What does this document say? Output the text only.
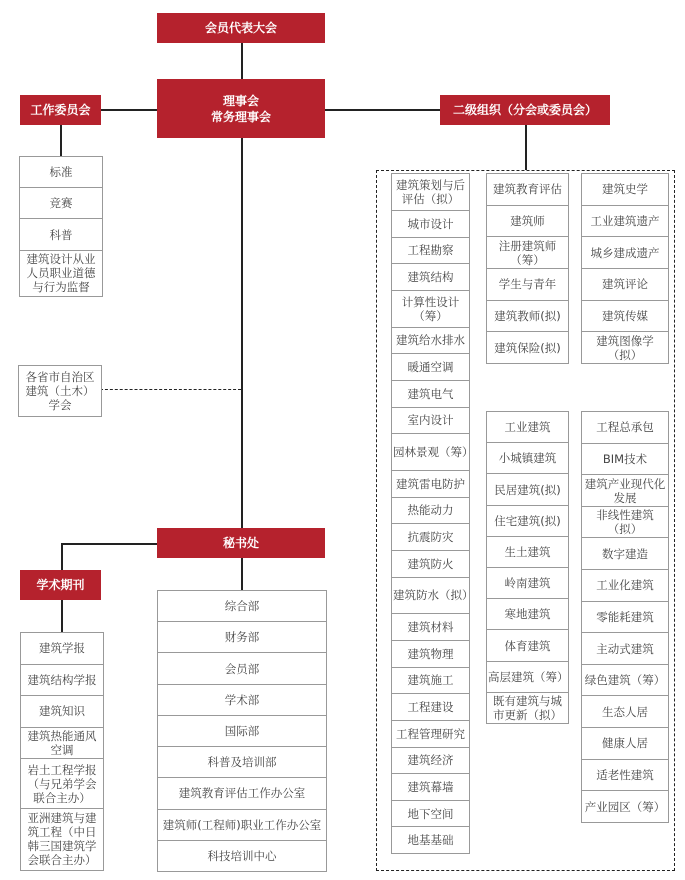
会员代表大会
理事会
常务理事会
工作委员会	二级组织（分会或委员会）
秘书处
学术期刊
标准
竞赛
科普
建筑设计从业人员职业道德与行为监督
各省市自治区建筑（土木）学会
建筑策划与后评估（拟）
城市设计
工程勘察
建筑结构
计算性设计（筹）
建筑给水排水
暖通空调
建筑电气
室内设计
园林景观（筹）
建筑雷电防护
热能动力
抗震防灾
建筑防火
建筑防水（拟）
建筑材料
建筑物理
建筑施工
工程建设
工程管理研究
建筑经济
建筑幕墙
地下空间
地基基础
建筑教育评估
建筑师
注册建筑师（筹）
学生与青年
建筑教师(拟)
建筑保险(拟)
建筑史学
工业建筑遗产
城乡建成遗产
建筑评论
建筑传媒
建筑图像学（拟）
工业建筑
小城镇建筑
民居建筑(拟)
住宅建筑(拟)
生土建筑
岭南建筑
寒地建筑
体育建筑
高层建筑（筹）
既有建筑与城市更新（拟）
工程总承包
BIM技术
建筑产业现代化发展
非线性建筑（拟）
数字建造
工业化建筑
零能耗建筑
主动式建筑
绿色建筑（筹）
生态人居
健康人居
适老性建筑
产业园区（筹）
综合部
财务部
会员部
学术部
国际部
科普及培训部
建筑教育评估工作办公室
建筑师(工程师)职业工作办公室
科技培训中心
建筑学报
建筑结构学报
建筑知识
建筑热能通风空调
岩土工程学报（与兄弟学会联合主办）
亚洲建筑与建筑工程（中日韩三国建筑学会联合主办）
